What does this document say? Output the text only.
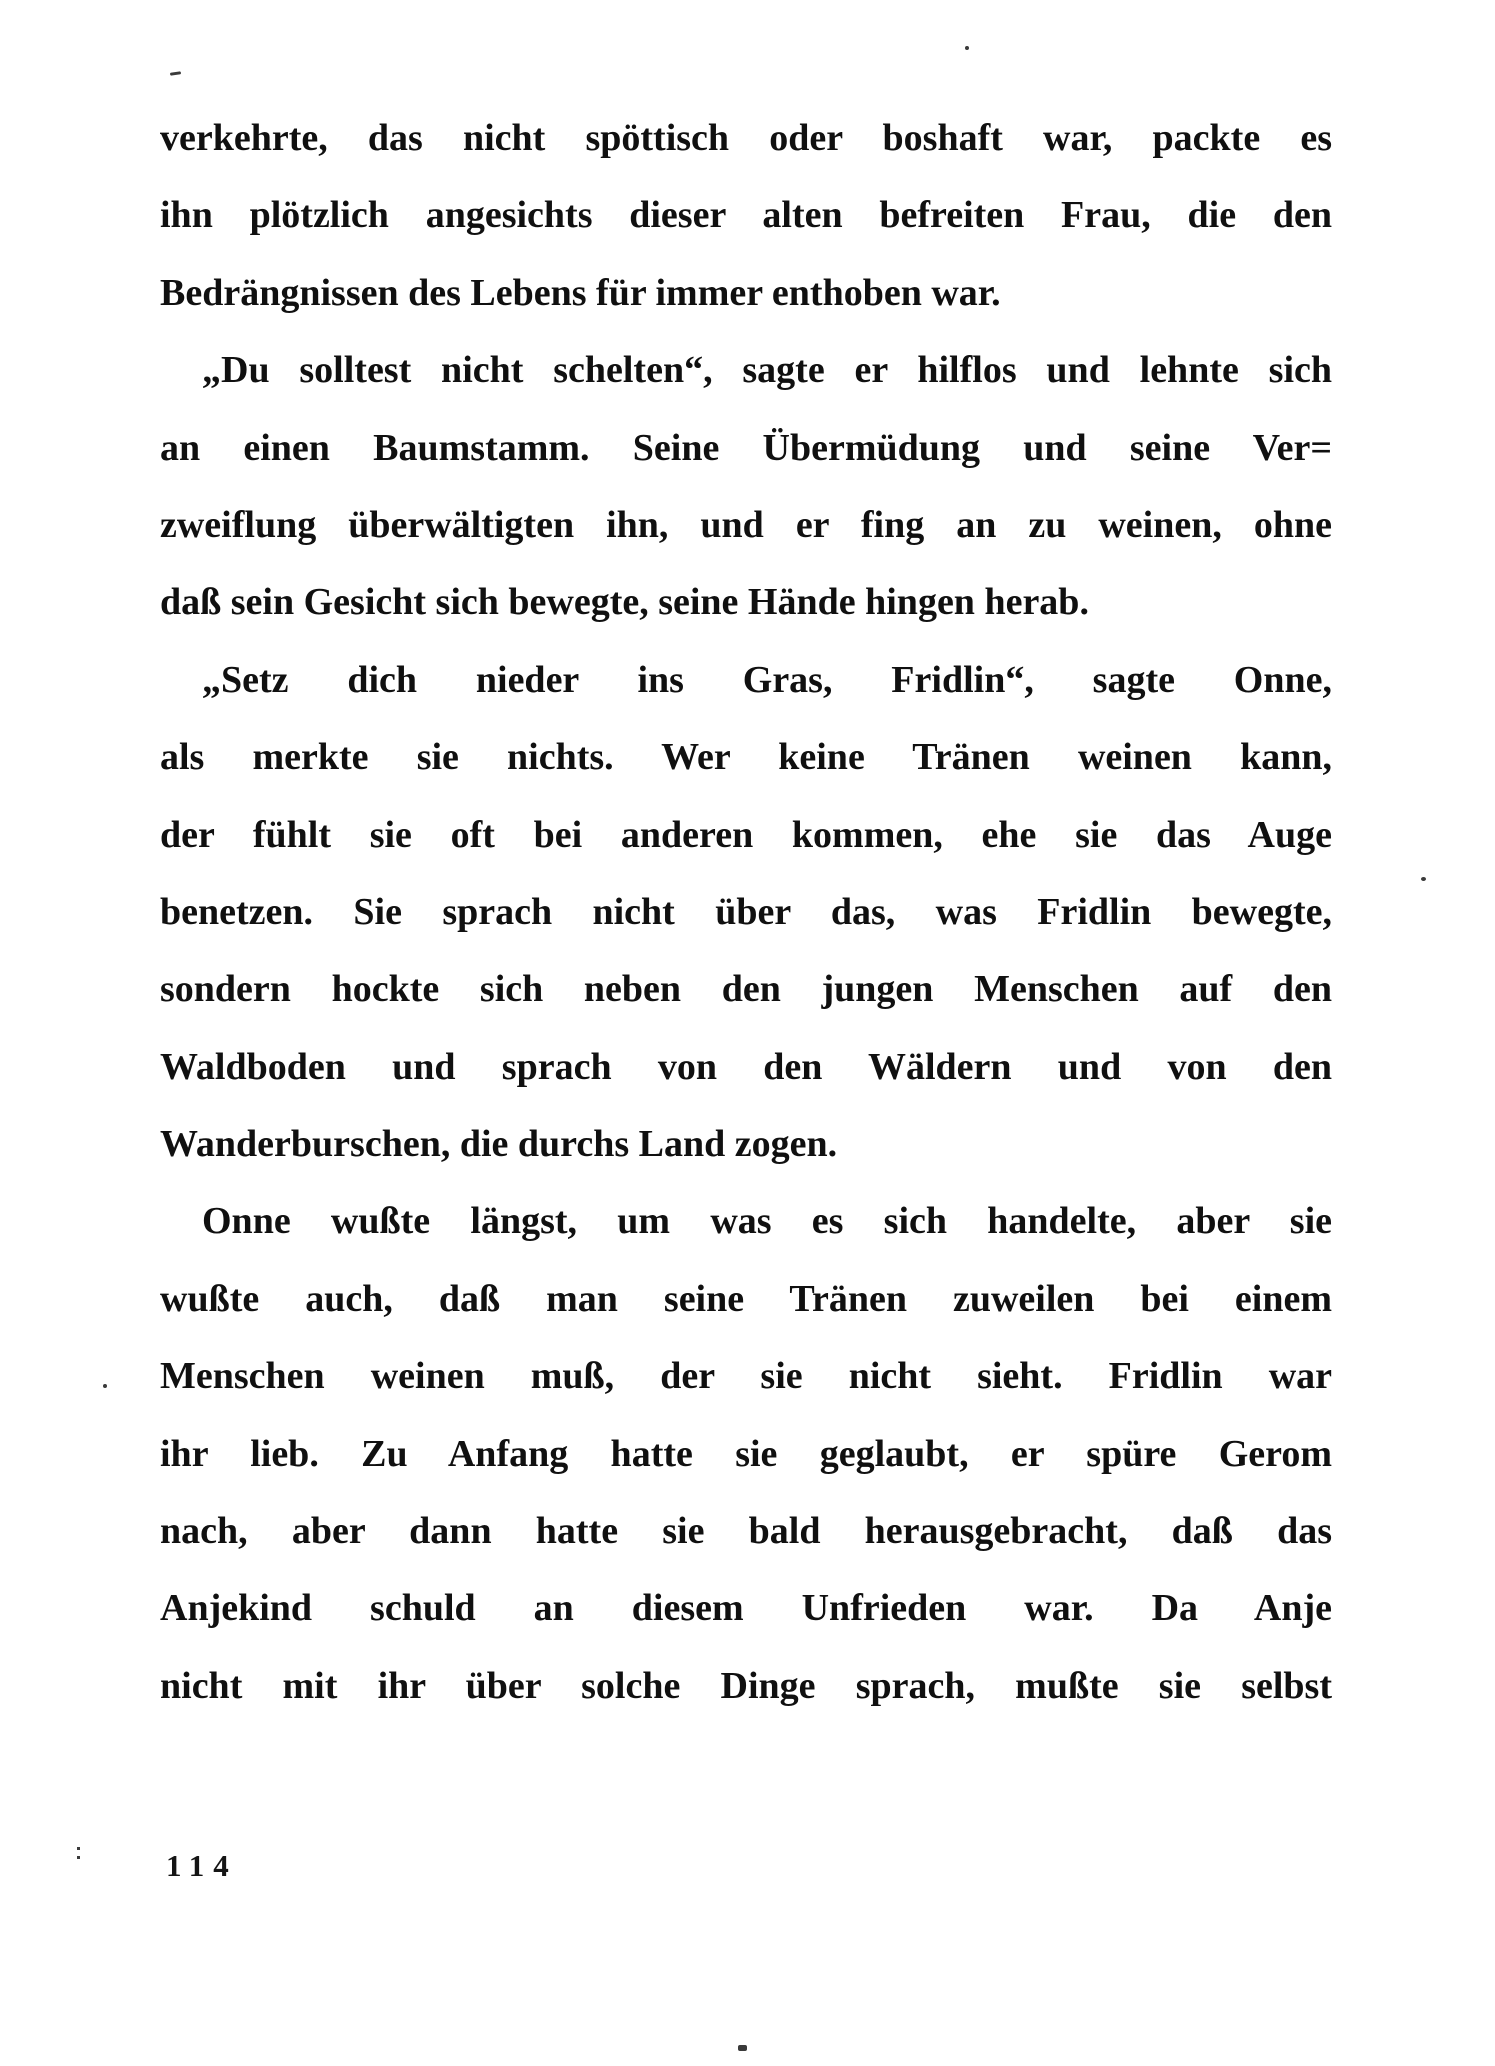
verkehrte, das nicht spöttisch oder boshaft war, packte es
ihn plötzlich angesichts dieser alten befreiten Frau, die den
Bedrängnissen des Lebens für immer enthoben war.
„Du solltest nicht schelten“, sagte er hilflos und lehnte sich
an einen Baumstamm. Seine Übermüdung und seine Ver=
zweiflung überwältigten ihn, und er fing an zu weinen, ohne
daß sein Gesicht sich bewegte, seine Hände hingen herab.
„Setz dich nieder ins Gras, Fridlin“, sagte Onne,
als merkte sie nichts. Wer keine Tränen weinen kann,
der fühlt sie oft bei anderen kommen, ehe sie das Auge
benetzen. Sie sprach nicht über das, was Fridlin bewegte,
sondern hockte sich neben den jungen Menschen auf den
Waldboden und sprach von den Wäldern und von den
Wanderburschen, die durchs Land zogen.
Onne wußte längst, um was es sich handelte, aber sie
wußte auch, daß man seine Tränen zuweilen bei einem
Menschen weinen muß, der sie nicht sieht. Fridlin war
ihr lieb. Zu Anfang hatte sie geglaubt, er spüre Gerom
nach, aber dann hatte sie bald herausgebracht, daß das
Anjekind schuld an diesem Unfrieden war. Da Anje
nicht mit ihr über solche Dinge sprach, mußte sie selbst
114
